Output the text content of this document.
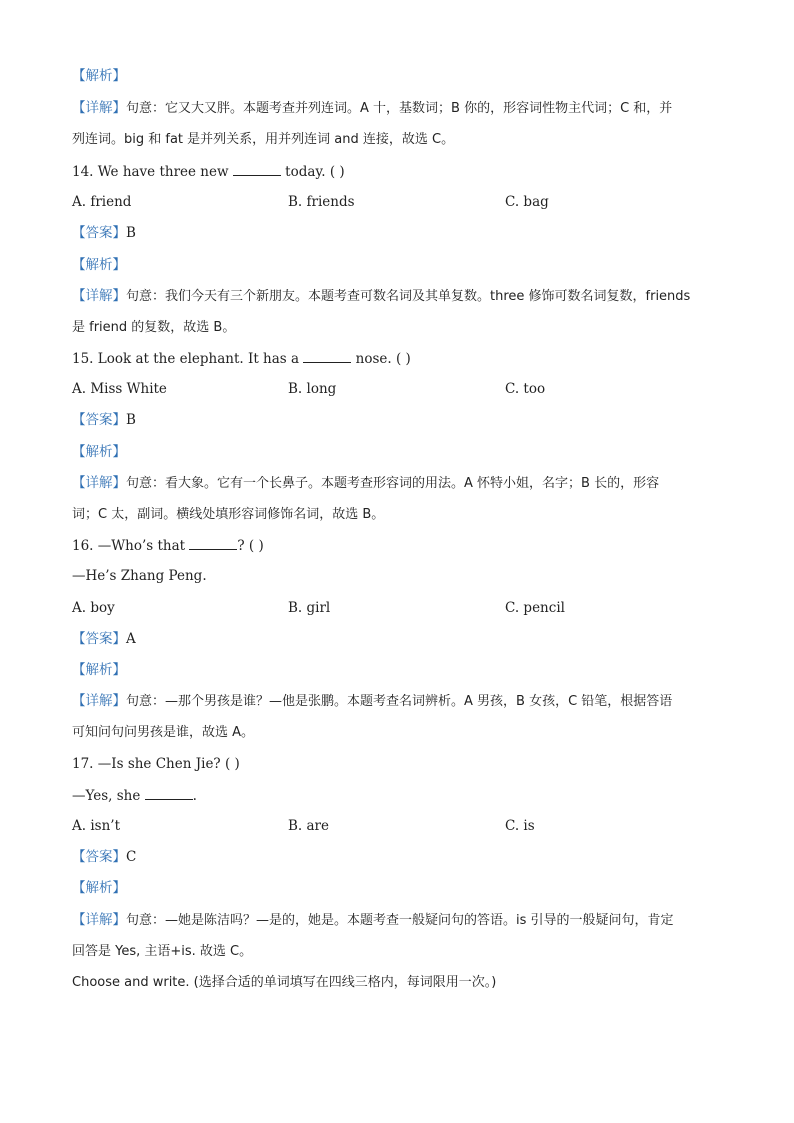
【解析】
【详解】句意：它又大又胖。本题考查并列连词。A 十，基数词；B 你的，形容词性物主代词；C 和，并
列连词。big 和 fat 是并列关系，用并列连词 and 连接，故选 C。
14. We have three new	today. ( )
A. friend	B. friends	C. bag
【答案】B
【解析】
【详解】句意：我们今天有三个新朋友。本题考查可数名词及其单复数。three 修饰可数名词复数，friends
是 friend 的复数，故选 B。
15. Look at the elephant. It has a	nose. ( )
A. Miss White	B. long	C. too
【答案】B
【解析】
【详解】句意：看大象。它有一个长鼻子。本题考查形容词的用法。A 怀特小姐，名字；B 长的，形容
词；C 太，副词。横线处填形容词修饰名词，故选 B。
16. —Who’s that	? ( )
—He’s Zhang Peng.
A. boy	B. girl	C. pencil
【答案】A
【解析】
【详解】句意：—那个男孩是谁？—他是张鹏。本题考查名词辨析。A 男孩，B 女孩，C 铅笔，根据答语
可知问句问男孩是谁，故选 A。
17. —Is she Chen Jie? ( )
—Yes, she	.
A. isn’t	B. are	C. is
【答案】C
【解析】
【详解】句意：—她是陈洁吗？—是的，她是。本题考查一般疑问句的答语。is 引导的一般疑问句，肯定
回答是 Yes, 主语+is. 故选 C。
Choose and write. (选择合适的单词填写在四线三格内，每词限用一次。)
